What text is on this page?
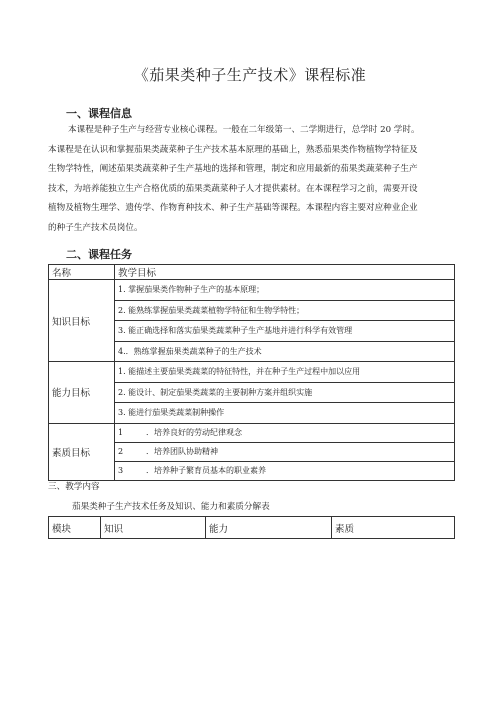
《茄果类种子生产技术》课程标准
一、课程信息
本课程是种子生产与经营专业核心课程。一般在二年级第一、二学期进行，总学时 20 学时。
本课程是在认识和掌握茄果类蔬菜种子生产技术基本原理的基础上，熟悉茄果类作物植物学特征及
生物学特性，阐述茄果类蔬菜种子生产基地的选择和管理，制定和应用最新的茄果类蔬菜种子生产
技术，为培养能独立生产合格优质的茄果类蔬菜种子人才提供素材。在本课程学习之前，需要开设
植物及植物生理学、遗传学、作物育种技术、种子生产基础等课程。本课程内容主要对应种业企业
的种子生产技术员岗位。
二、课程任务
名称	教学目标
知识目标	
1. 掌握茄果类作物种子生产的基本原理；
2. 能熟练掌握茄果类蔬菜植物学特征和生物学特性；
3. 能正确选择和落实茄果类蔬菜种子生产基地并进行科学有效管理
4.．熟练掌握茄果类蔬菜种子的生产技术

能力目标	
1. 能描述主要茄果类蔬菜的特征特性，并在种子生产过程中加以应用
2. 能设计、制定茄果类蔬菜的主要制种方案并组织实施
3. 能进行茄果类蔬菜制种操作

素质目标	
1	．培养良好的劳动纪律观念
2	．培养团队协助精神
3	．培养种子繁育员基本的职业素养
三、教学内容
茄果类种子生产技术任务及知识、能力和素质分解表
模块	知识	能力	素质
